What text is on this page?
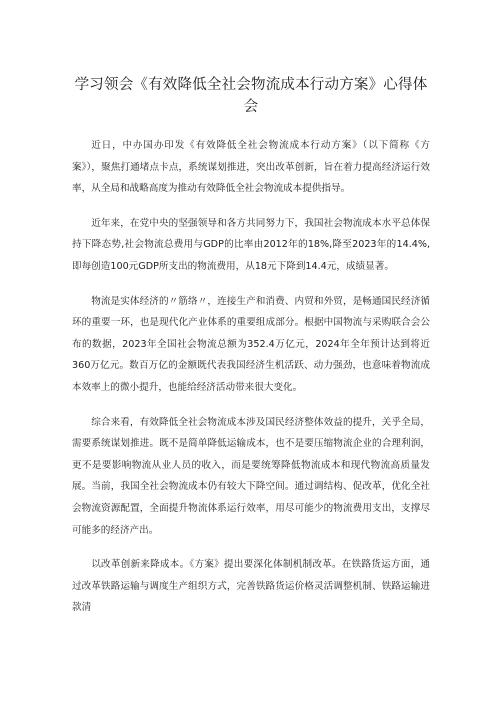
学习领会《有效降低全社会物流成本行动方案》心得体会

近日，中办国办印发《有效降低全社会物流成本行动方案》（以下简称《方案》），聚焦打通堵点卡点，系统谋划推进，突出改革创新，旨在着力提高经济运行效率，从全局和战略高度为推动有效降低全社会物流成本提供指导。

近年来，在党中央的坚强领导和各方共同努力下，我国社会物流成本水平总体保持下降态势,社会物流总费用与GDP的比率由2012年的18%,降至2023年的14.4%,即每创造100元GDP所支出的物流费用，从18元下降到14.4元，成绩显著。

物流是实体经济的〃筋络〃，连接生产和消费、内贸和外贸，是畅通国民经济循环的重要一环，也是现代化产业体系的重要组成部分。根据中国物流与采购联合会公布的数据，2023年全国社会物流总额为352.4万亿元，2024年全年预计达到将近360万亿元。数百万亿的金额既代表我国经济生机活跃、动力强劲，也意味着物流成本效率上的微小提升，也能给经济活动带来很大变化。

综合来看，有效降低全社会物流成本涉及国民经济整体效益的提升，关乎全局，需要系统谋划推进。既不是简单降低运输成本，也不是要压缩物流企业的合理利润，更不是要影响物流从业人员的收入，而是要统筹降低物流成本和现代物流高质量发展。当前，我国全社会物流成本仍有较大下降空间。通过调结构、促改革，优化全社会物流资源配置，全面提升物流体系运行效率，用尽可能少的物流费用支出，支撑尽可能多的经济产出。

以改革创新来降成本。《方案》提出要深化体制机制改革。在铁路货运方面，通过改革铁路运输与调度生产组织方式，完善铁路货运价格灵活调整机制、铁路运输进款清
